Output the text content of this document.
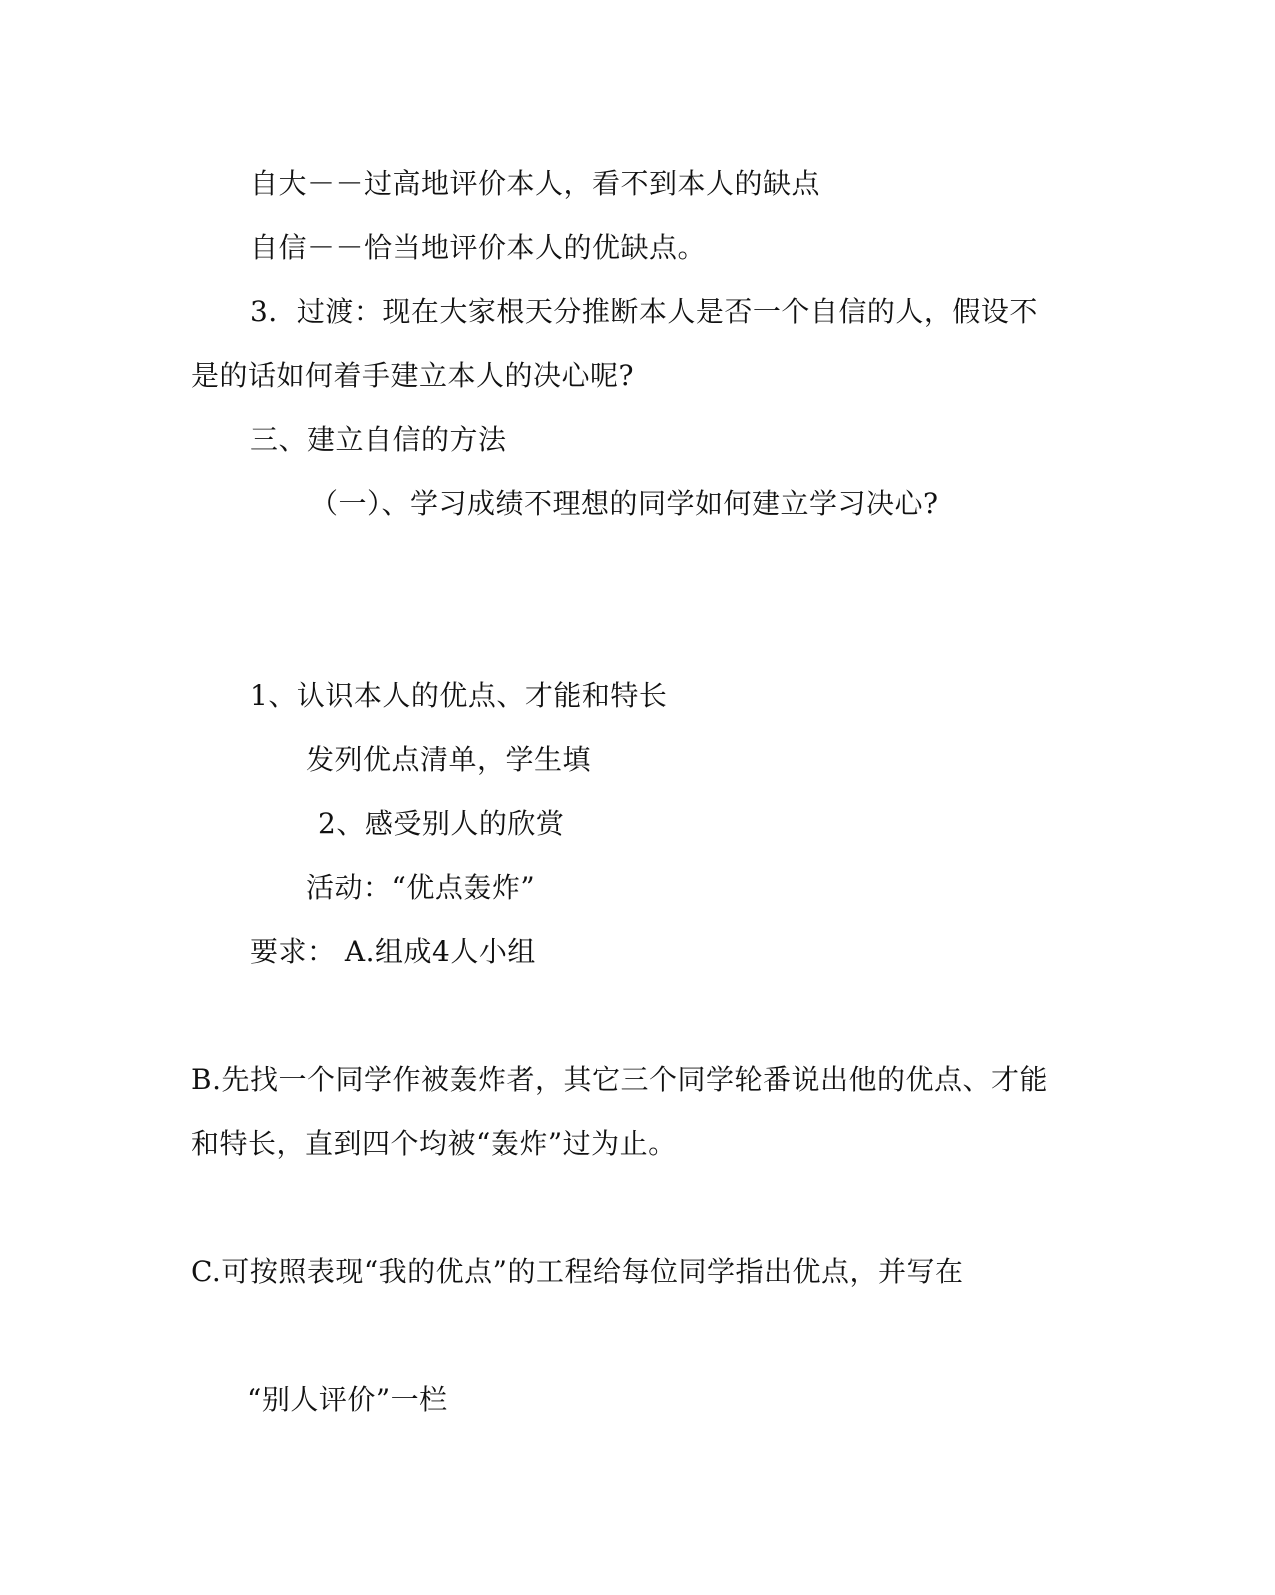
自大－－过高地评价本人，看不到本人的缺点
自信－－恰当地评价本人的优缺点。
3．过渡：现在大家根天分推断本人是否一个自信的人，假设不
是的话如何着手建立本人的决心呢?
三、建立自信的方法
（一）、学习成绩不理想的同学如何建立学习决心?
1、认识本人的优点、才能和特长
发列优点清单，学生填
2、感受别人的欣赏
活动：“优点轰炸”
要求： A.组成4人小组
B.先找一个同学作被轰炸者，其它三个同学轮番说出他的优点、才能
和特长，直到四个均被“轰炸”过为止。
C.可按照表现“我的优点”的工程给每位同学指出优点，并写在
“别人评价”一栏
